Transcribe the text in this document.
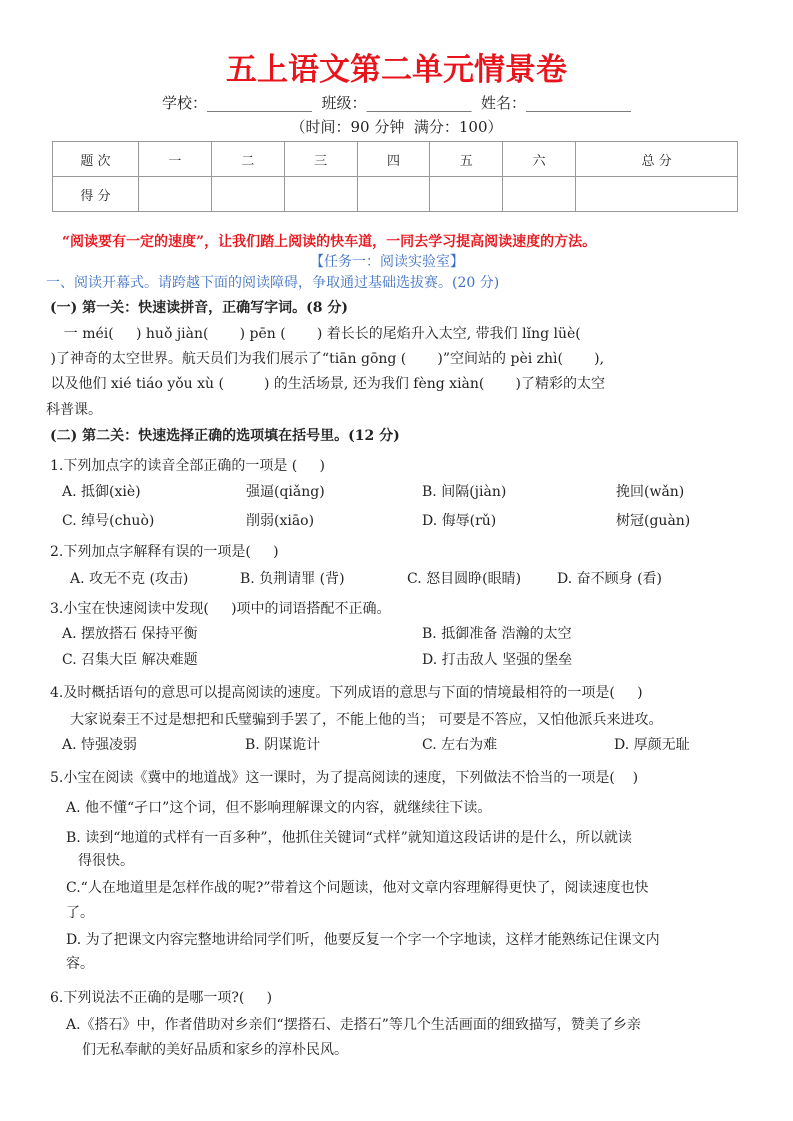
五上语文第二单元情景卷
学校：______________  班级：______________  姓名：______________
（时间：90 分钟  满分：100）
题 次	一	二	三	四	五	六	总 分
得 分							
“阅读要有一定的速度”，让我们踏上阅读的快车道，一同去学习提高阅读速度的方法。
【任务一：阅读实验室】
一、阅读开幕式。请跨越下面的阅读障碍，争取通过基础选拔赛。(20 分)
(一) 第一关：快速读拼音，正确写字词。(8 分)
一 méi(     ) huǒ jiàn(       ) pēn (       ) 着长长的尾焰升入太空, 带我们 lǐng lüè(
)了神奇的太空世界。航天员们为我们展示了“tiān gōng (       )”空间站的 pèi zhì(       ),
以及他们 xié tiáo yǒu xù (         ) 的生活场景, 还为我们 fèng xiàn(       )了精彩的太空
科普课。
(二) 第二关：快速选择正确的选项填在括号里。(12 分)
1.下列加点字的读音全部正确的一项是 (     )
A. 抵御(xiè)	强逼(qiǎng)	B. 间隔(jiàn)	挽回(wǎn)
C. 绰号(chuò)	削弱(xiāo)	D. 侮辱(rǔ)	树冠(guàn)
2.下列加点字解释有误的一项是(     )
A. 攻无不克 (攻击)	B. 负荆请罪 (背)	C. 怒目圆睁(眼睛)	D. 奋不顾身 (看)
3.小宝在快速阅读中发现(     )项中的词语搭配不正确。
A. 摆放搭石 保持平衡	B. 抵御准备 浩瀚的太空
C. 召集大臣 解决难题	D. 打击敌人 坚强的堡垒
4.及时概括语句的意思可以提高阅读的速度。下列成语的意思与下面的情境最相符的一项是(     )
大家说秦王不过是想把和氏璧骗到手罢了，不能上他的当； 可要是不答应，又怕他派兵来进攻。
A. 恃强凌弱	B. 阴谋诡计	C. 左右为难	D. 厚颜无耻
5.小宝在阅读《冀中的地道战》这一课时，为了提高阅读的速度，下列做法不恰当的一项是(    )
A. 他不懂“孑口”这个词，但不影响理解课文的内容，就继续往下读。
B. 读到“地道的式样有一百多种”，他抓住关键词“式样”就知道这段话讲的是什么，所以就读
得很快。
C.“人在地道里是怎样作战的呢?”带着这个问题读，他对文章内容理解得更快了，阅读速度也快
了。
D. 为了把课文内容完整地讲给同学们听，他要反复一个字一个字地读，这样才能熟练记住课文内
容。
6.下列说法不正确的是哪一项?(     )
A.《搭石》中，作者借助对乡亲们“摆搭石、走搭石”等几个生活画面的细致描写，赞美了乡亲
们无私奉献的美好品质和家乡的淳朴民风。
